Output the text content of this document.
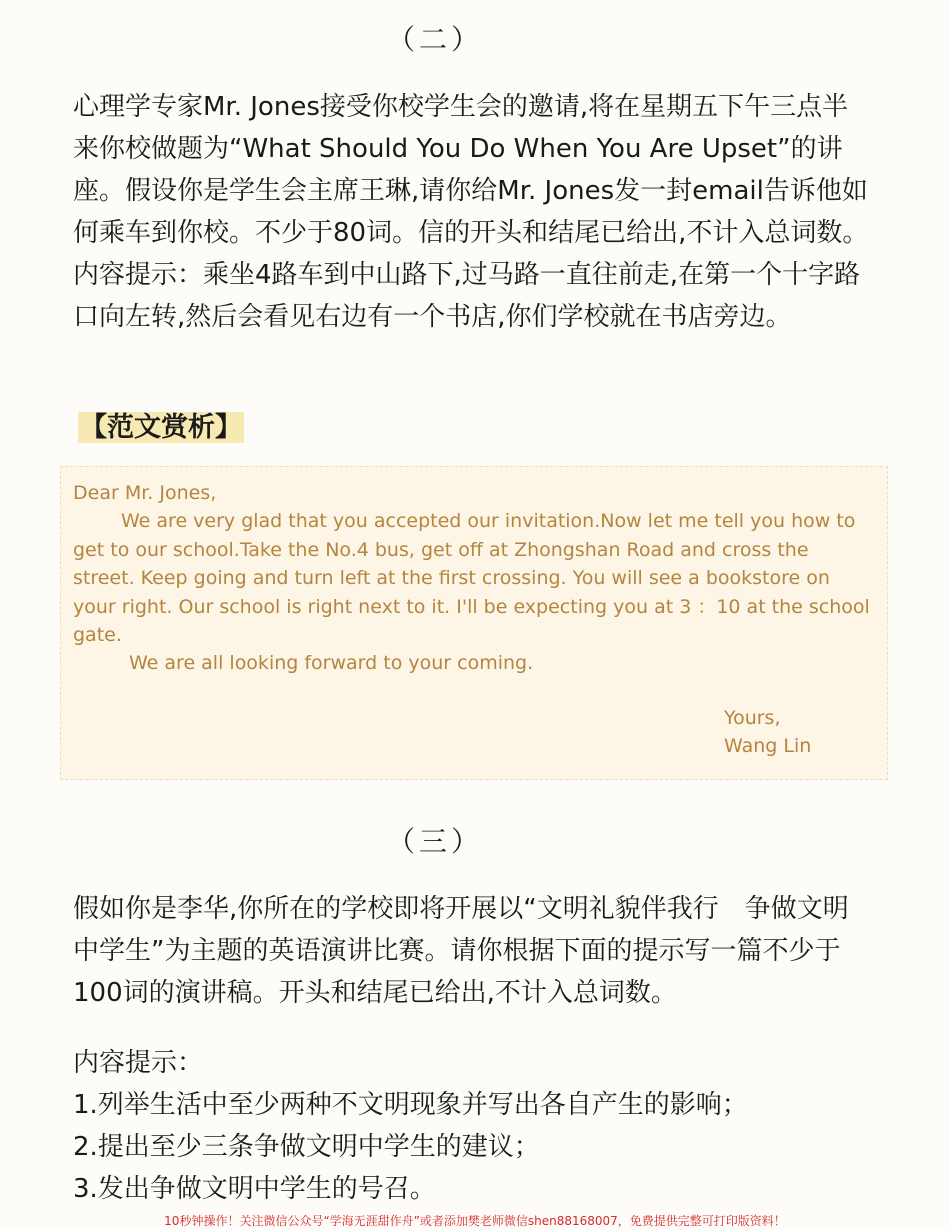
（二）

心理学专家Mr. Jones接受你校学生会的邀请,将在星期五下午三点半来你校做题为“What Should You Do When You Are Upset”的讲座。假设你是学生会主席王琳,请你给Mr. Jones发一封email告诉他如何乘车到你校。不少于80词。信的开头和结尾已给出,不计入总词数。

内容提示：乘坐4路车到中山路下,过马路一直往前走,在第一个十字路口向左转,然后会看见右边有一个书店,你们学校就在书店旁边。

【范文赏析】

Dear Mr. Jones,

We are very glad that you accepted our invitation.Now let me tell you how to get to our school.Take the No.4 bus, get off at Zhongshan Road and cross the street. Keep going and turn left at the first crossing. You will see a bookstore on your right. Our school is right next to it. I'll be expecting you at 3 ：10 at the school gate.

We are all looking forward to your coming.

Yours,
Wang Lin
（三）

假如你是李华,你所在的学校即将开展以“文明礼貌伴我行　争做文明中学生”为主题的英语演讲比赛。请你根据下面的提示写一篇不少于100词的演讲稿。开头和结尾已给出,不计入总词数。

内容提示：
1.列举生活中至少两种不文明现象并写出各自产生的影响；
2.提出至少三条争做文明中学生的建议；
3.发出争做文明中学生的号召。

10秒钟操作！关注微信公众号“学海无涯甜作舟”或者添加樊老师微信shen88168007，免费提供完整可打印版资料！
